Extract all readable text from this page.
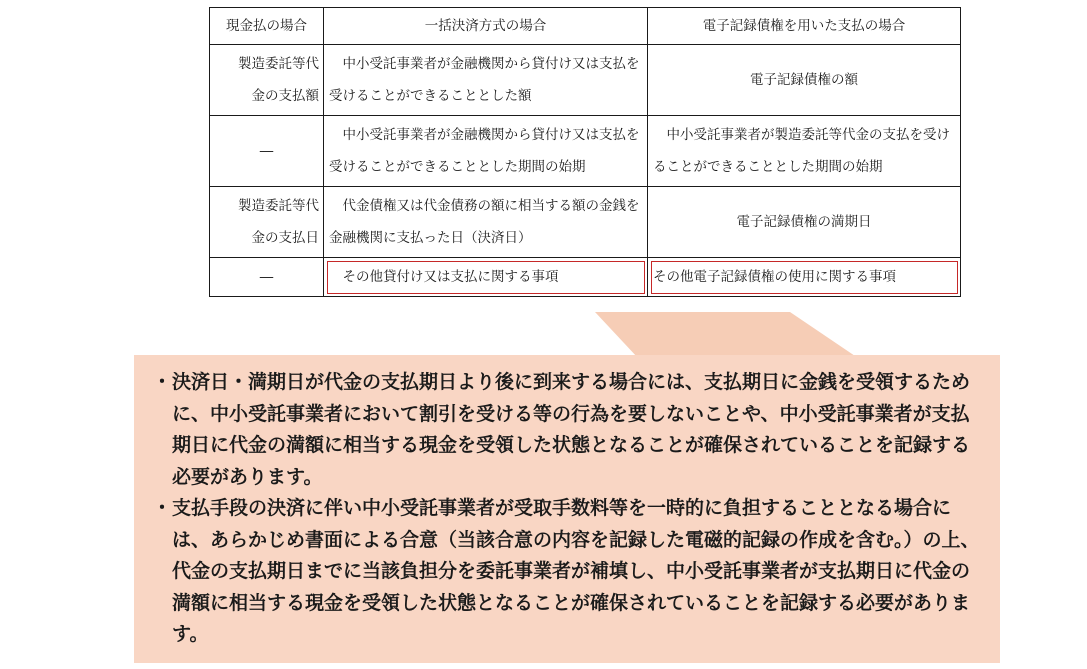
現金払の場合	一括決済方式の場合	電子記録債権を用いた支払の場合

製造委託等代金の支払額	中小受託事業者が金融機関から貸付け又は支払を受けることができることとした額	電子記録債権の額
―	中小受託事業者が金融機関から貸付け又は支払を受けることができることとした期間の始期	中小受託事業者が製造委託等代金の支払を受けることができることとした期間の始期

製造委託等代金の支払日	代金債権又は代金債務の額に相当する額の金銭を金融機関に支払った日（決済日）	電子記録債権の満期日
―	その他貸付け又は支払に関する事項	その他電子記録債権の使用に関する事項
・ 決済日・満期日が代金の支払期日より後に到来する場合には、支払期日に金銭を受領するために、中小受託事業者において割引を受ける等の行為を要しないことや、中小受託事業者が支払期日に代金の満額に相当する現金を受領した状態となることが確保されていることを記録する必要があります。
・ 支払手段の決済に伴い中小受託事業者が受取手数料等を一時的に負担することとなる場合には、あらかじめ書面による合意（当該合意の内容を記録した電磁的記録の作成を含む。）の上、代金の支払期日までに当該負担分を委託事業者が補填し、中小受託事業者が支払期日に代金の満額に相当する現金を受領した状態となることが確保されていることを記録する必要があります。
